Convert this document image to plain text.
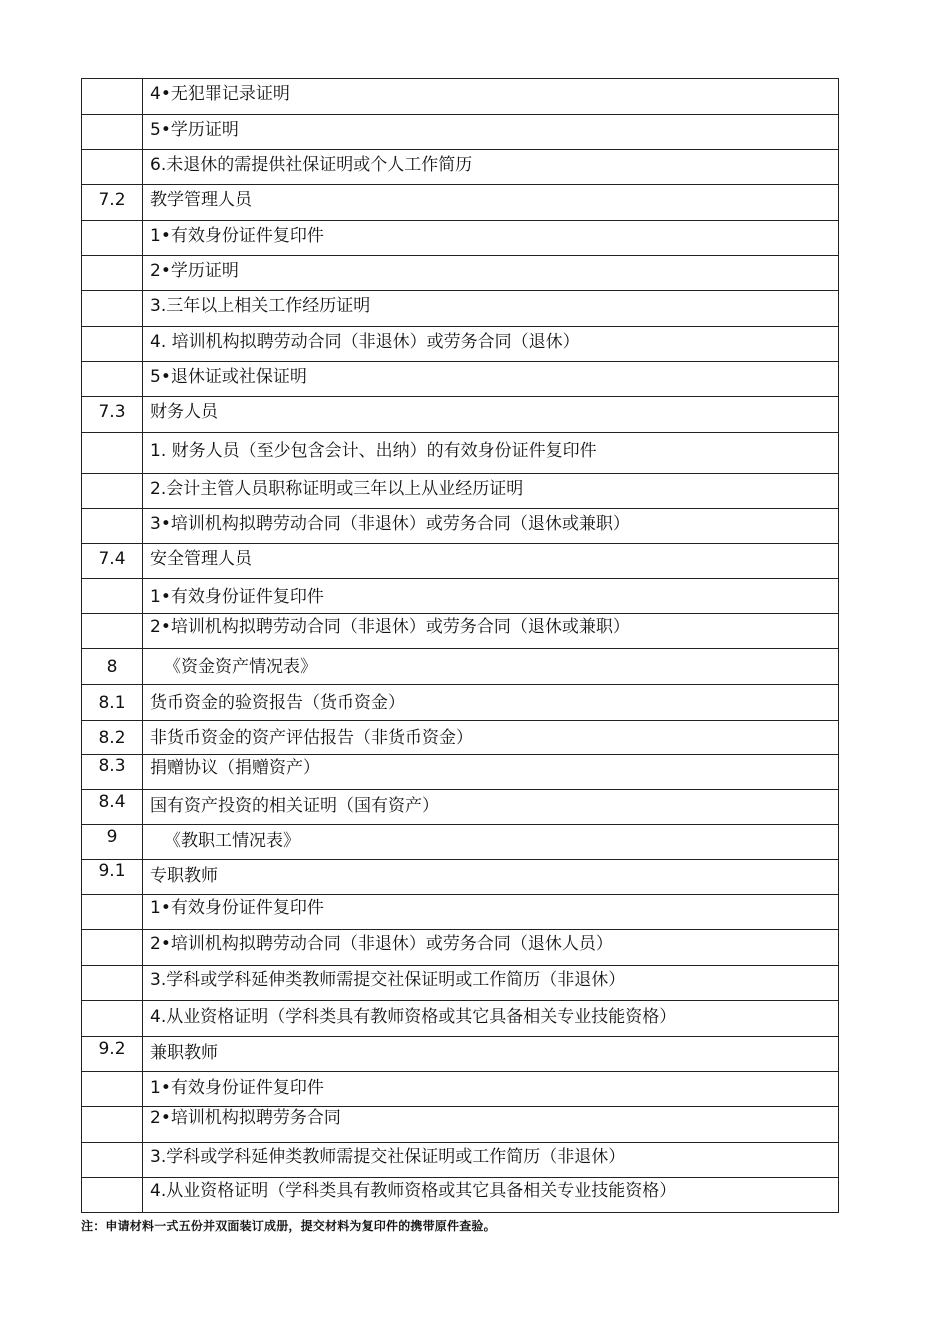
	4•无犯罪记录证明

	5•学历证明

	6.未退休的需提供社保证明或个人工作简历

7.2	教学管理人员

	1•有效身份证件复印件

	2•学历证明

	3.三年以上相关工作经历证明

	4. 培训机构拟聘劳动合同（非退休）或劳务合同（退休）

	5•退休证或社保证明

7.3	财务人员

	1. 财务人员（至少包含会计、出纳）的有效身份证件复印件

	2.会计主管人员职称证明或三年以上从业经历证明

	3•培训机构拟聘劳动合同（非退休）或劳务合同（退休或兼职）

7.4	安全管理人员

	1•有效身份证件复印件

	2•培训机构拟聘劳动合同（非退休）或劳务合同（退休或兼职）

8	《资金资产情况表》

8.1	货币资金的验资报告（货币资金）

8.2	非货币资金的资产评估报告（非货币资金）

8.3	捐赠协议（捐赠资产）

8.4	国有资产投资的相关证明（国有资产）

9	《教职工情况表》

9.1	专职教师

	1•有效身份证件复印件

	2•培训机构拟聘劳动合同（非退休）或劳务合同（退休人员）

	3.学科或学科延伸类教师需提交社保证明或工作简历（非退休）

	4.从业资格证明（学科类具有教师资格或其它具备相关专业技能资格）

9.2	兼职教师

	1•有效身份证件复印件

	2•培训机构拟聘劳务合同

	3.学科或学科延伸类教师需提交社保证明或工作简历（非退休）

	4.从业资格证明（学科类具有教师资格或其它具备相关专业技能资格）
注：申请材料一式五份并双面装订成册，提交材料为复印件的携带原件查验。
